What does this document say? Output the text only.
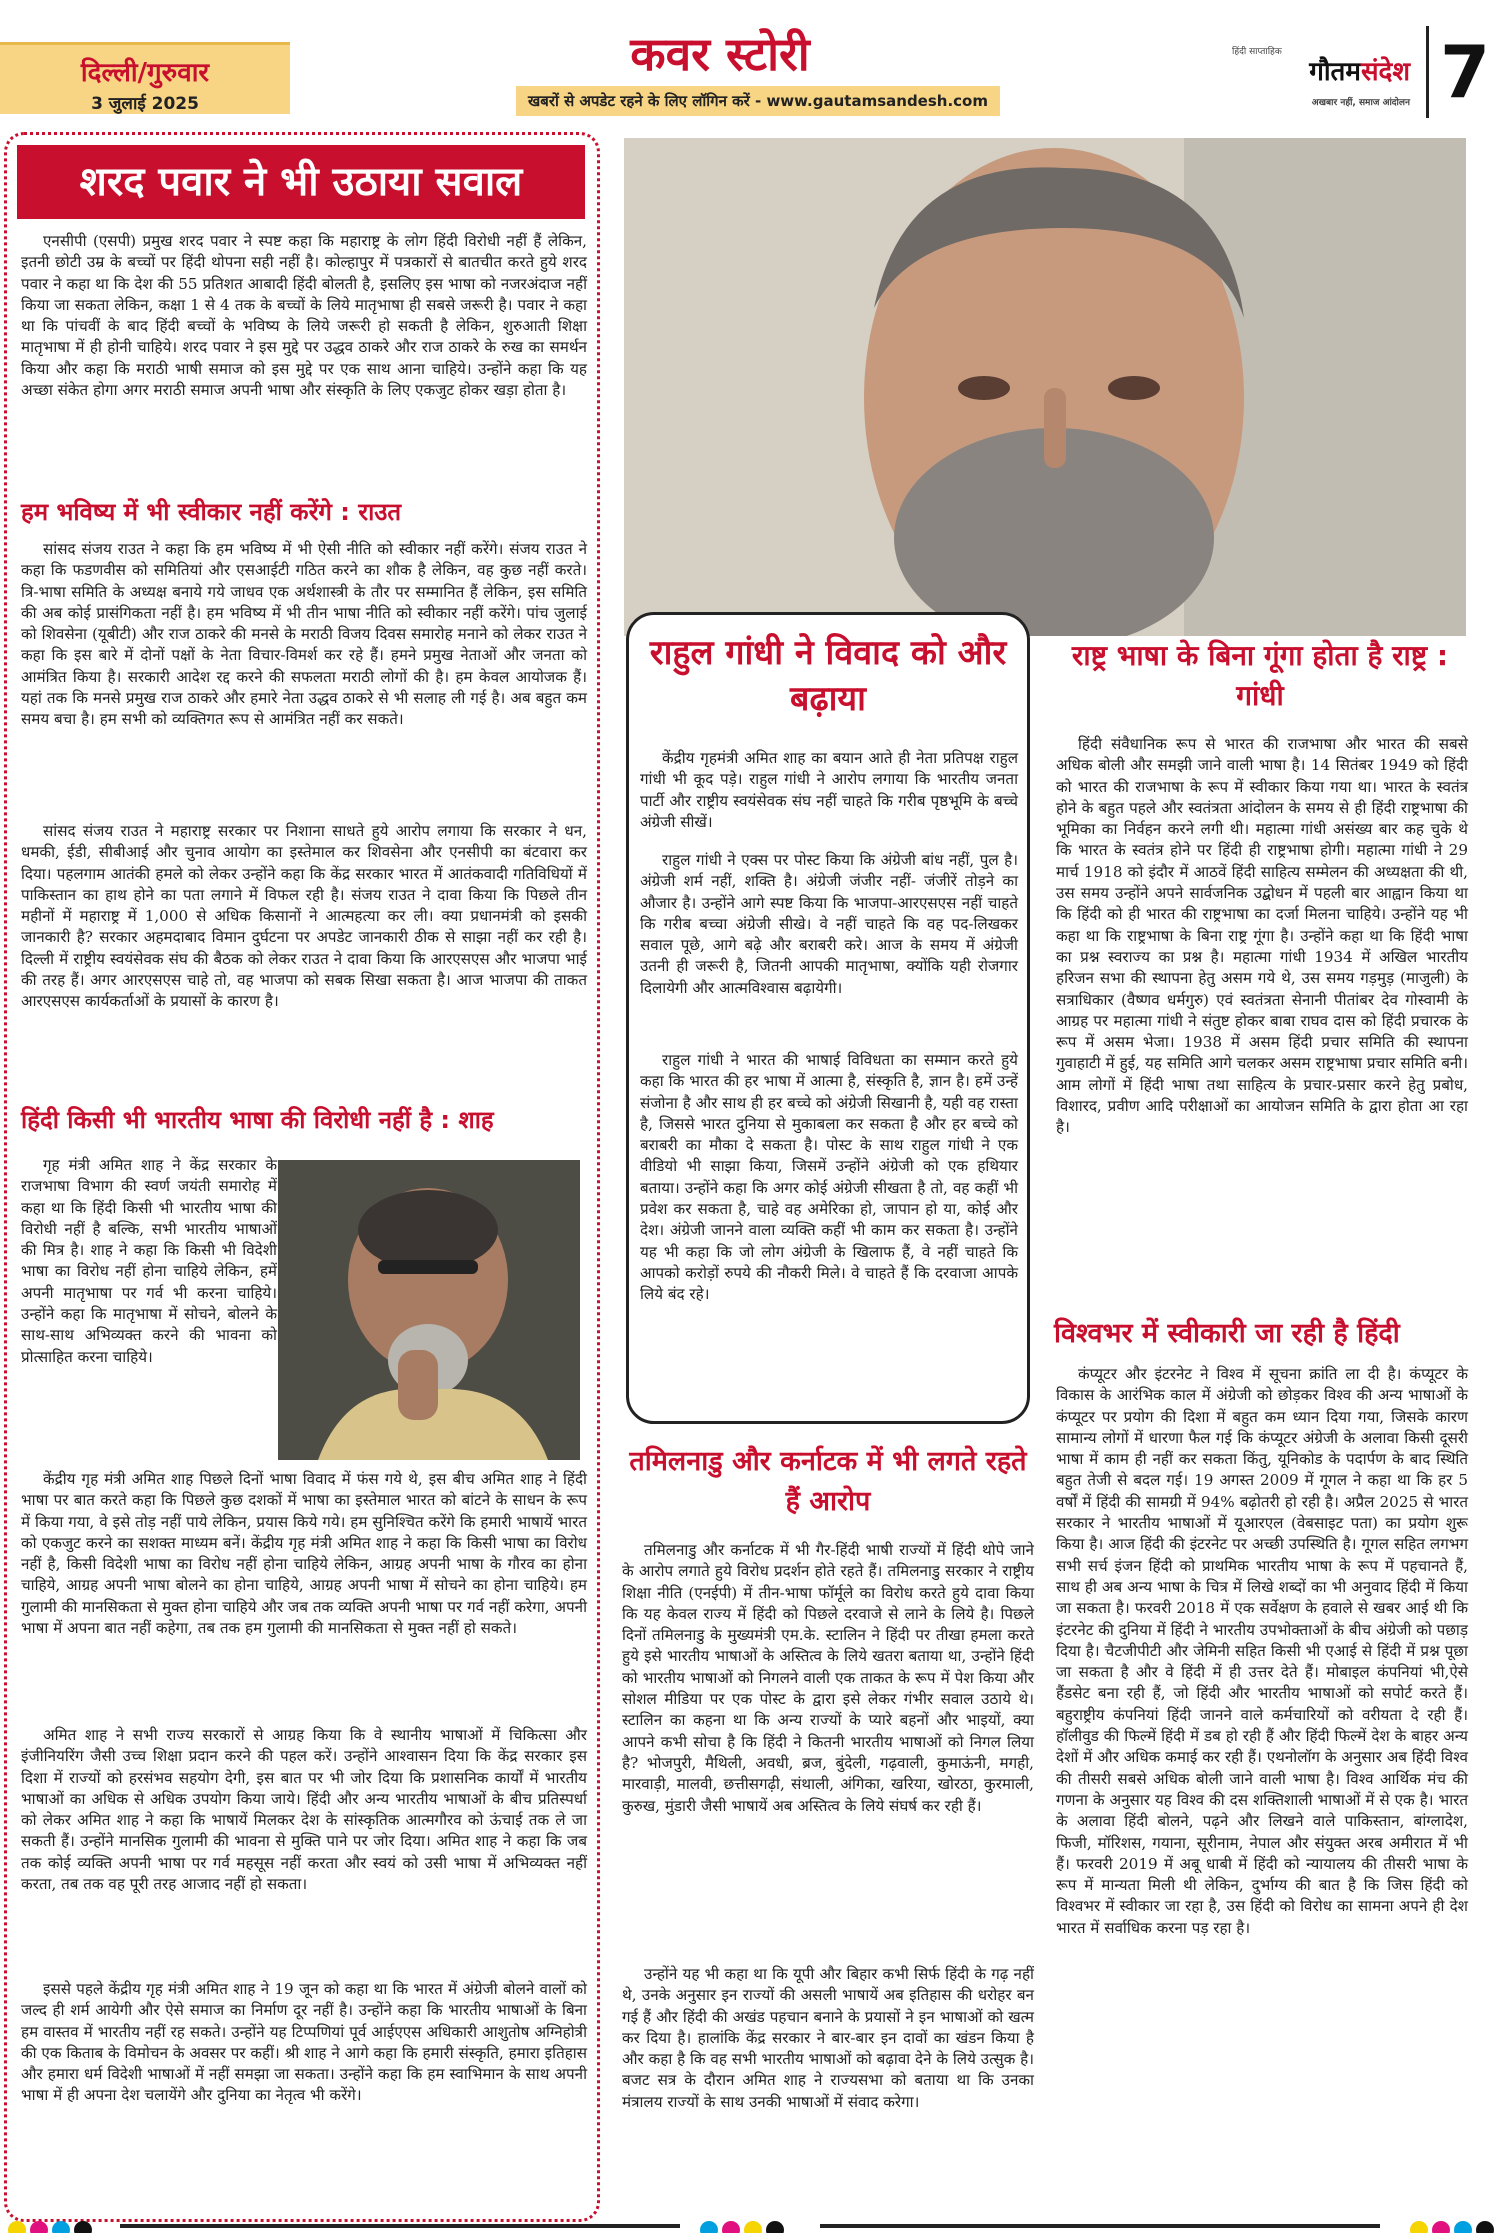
दिल्ली/गुरुवार
3 जुलाई 2025
कवर स्टोरी
खबरों से अपडेट रहने के लिए लॉगिन करें - www.gautamsandesh.com
हिंदी साप्ताहिक
गौतमसंदेश
अखबार नहीं, समाज आंदोलन 7
शरद पवार ने भी उठाया सवाल
एनसीपी (एसपी) प्रमुख शरद पवार ने स्पष्ट कहा कि महाराष्ट्र के लोग हिंदी विरोधी नहीं हैं लेकिन, इतनी छोटी उम्र के बच्चों पर हिंदी थोपना सही नहीं है। कोल्हापुर में पत्रकारों से बातचीत करते हुये शरद पवार ने कहा था कि देश की 55 प्रतिशत आबादी हिंदी बोलती है, इसलिए इस भाषा को नजरअंदाज नहीं किया जा सकता लेकिन, कक्षा 1 से 4 तक के बच्चों के लिये मातृभाषा ही सबसे जरूरी है। पवार ने कहा था कि पांचवीं के बाद हिंदी बच्चों के भविष्य के लिये जरूरी हो सकती है लेकिन, शुरुआती शिक्षा मातृभाषा में ही होनी चाहिये। शरद पवार ने इस मुद्दे पर उद्धव ठाकरे और राज ठाकरे के रुख का समर्थन किया और कहा कि मराठी भाषी समाज को इस मुद्दे पर एक साथ आना चाहिये। उन्होंने कहा कि यह अच्छा संकेत होगा अगर मराठी समाज अपनी भाषा और संस्कृति के लिए एकजुट होकर खड़ा होता है।
हम भविष्य में भी स्वीकार नहीं करेंगे : राउत
सांसद संजय राउत ने कहा कि हम भविष्य में भी ऐसी नीति को स्वीकार नहीं करेंगे। संजय राउत ने कहा कि फडणवीस को समितियां और एसआईटी गठित करने का शौक है लेकिन, वह कुछ नहीं करते। त्रि-भाषा समिति के अध्यक्ष बनाये गये जाधव एक अर्थशास्त्री के तौर पर सम्मानित हैं लेकिन, इस समिति की अब कोई प्रासंगिकता नहीं है। हम भविष्य में भी तीन भाषा नीति को स्वीकार नहीं करेंगे। पांच जुलाई को शिवसेना (यूबीटी) और राज ठाकरे की मनसे के मराठी विजय दिवस समारोह मनाने को लेकर राउत ने कहा कि इस बारे में दोनों पक्षों के नेता विचार-विमर्श कर रहे हैं। हमने प्रमुख नेताओं और जनता को आमंत्रित किया है। सरकारी आदेश रद्द करने की सफलता मराठी लोगों की है। हम केवल आयोजक हैं। यहां तक कि मनसे प्रमुख राज ठाकरे और हमारे नेता उद्धव ठाकरे से भी सलाह ली गई है। अब बहुत कम समय बचा है। हम सभी को व्यक्तिगत रूप से आमंत्रित नहीं कर सकते।
सांसद संजय राउत ने महाराष्ट्र सरकार पर निशाना साधते हुये आरोप लगाया कि सरकार ने धन, धमकी, ईडी, सीबीआई और चुनाव आयोग का इस्तेमाल कर शिवसेना और एनसीपी का बंटवारा कर दिया। पहलगाम आतंकी हमले को लेकर उन्होंने कहा कि केंद्र सरकार भारत में आतंकवादी गतिविधियों में पाकिस्तान का हाथ होने का पता लगाने में विफल रही है। संजय राउत ने दावा किया कि पिछले तीन महीनों में महाराष्ट्र में 1,000 से अधिक किसानों ने आत्महत्या कर ली। क्या प्रधानमंत्री को इसकी जानकारी है? सरकार अहमदाबाद विमान दुर्घटना पर अपडेट जानकारी ठीक से साझा नहीं कर रही है। दिल्ली में राष्ट्रीय स्वयंसेवक संघ की बैठक को लेकर राउत ने दावा किया कि आरएसएस और भाजपा भाई की तरह हैं। अगर आरएसएस चाहे तो, वह भाजपा को सबक सिखा सकता है। आज भाजपा की ताकत आरएसएस कार्यकर्ताओं के प्रयासों के कारण है।
हिंदी किसी भी भारतीय भाषा की विरोधी नहीं है : शाह
गृह मंत्री अमित शाह ने केंद्र सरकार के राजभाषा विभाग की स्वर्ण जयंती समारोह में कहा था कि हिंदी किसी भी भारतीय भाषा की विरोधी नहीं है बल्कि, सभी भारतीय भाषाओं की मित्र है। शाह ने कहा कि किसी भी विदेशी भाषा का विरोध नहीं होना चाहिये लेकिन, हमें अपनी मातृभाषा पर गर्व भी करना चाहिये। उन्होंने कहा कि मातृभाषा में सोचने, बोलने के साथ-साथ अभिव्यक्त करने की भावना को प्रोत्साहित करना चाहिये।
केंद्रीय गृह मंत्री अमित शाह पिछले दिनों भाषा विवाद में फंस गये थे, इस बीच अमित शाह ने हिंदी भाषा पर बात करते कहा कि पिछले कुछ दशकों में भाषा का इस्तेमाल भारत को बांटने के साधन के रूप में किया गया, वे इसे तोड़ नहीं पाये लेकिन, प्रयास किये गये। हम सुनिश्चित करेंगे कि हमारी भाषायें भारत को एकजुट करने का सशक्त माध्यम बनें। केंद्रीय गृह मंत्री अमित शाह ने कहा कि किसी भाषा का विरोध नहीं है, किसी विदेशी भाषा का विरोध नहीं होना चाहिये लेकिन, आग्रह अपनी भाषा के गौरव का होना चाहिये, आग्रह अपनी भाषा बोलने का होना चाहिये, आग्रह अपनी भाषा में सोचने का होना चाहिये। हम गुलामी की मानसिकता से मुक्त होना चाहिये और जब तक व्यक्ति अपनी भाषा पर गर्व नहीं करेगा, अपनी भाषा में अपना बात नहीं कहेगा, तब तक हम गुलामी की मानसिकता से मुक्त नहीं हो सकते।
अमित शाह ने सभी राज्य सरकारों से आग्रह किया कि वे स्थानीय भाषाओं में चिकित्सा और इंजीनियरिंग जैसी उच्च शिक्षा प्रदान करने की पहल करें। उन्होंने आश्वासन दिया कि केंद्र सरकार इस दिशा में राज्यों को हरसंभव सहयोग देगी, इस बात पर भी जोर दिया कि प्रशासनिक कार्यों में भारतीय भाषाओं का अधिक से अधिक उपयोग किया जाये। हिंदी और अन्य भारतीय भाषाओं के बीच प्रतिस्पर्धा को लेकर अमित शाह ने कहा कि भाषायें मिलकर देश के सांस्कृतिक आत्मगौरव को ऊंचाई तक ले जा सकती हैं। उन्होंने मानसिक गुलामी की भावना से मुक्ति पाने पर जोर दिया। अमित शाह ने कहा कि जब तक कोई व्यक्ति अपनी भाषा पर गर्व महसूस नहीं करता और स्वयं को उसी भाषा में अभिव्यक्त नहीं करता, तब तक वह पूरी तरह आजाद नहीं हो सकता।
इससे पहले केंद्रीय गृह मंत्री अमित शाह ने 19 जून को कहा था कि भारत में अंग्रेजी बोलने वालों को जल्द ही शर्म आयेगी और ऐसे समाज का निर्माण दूर नहीं है। उन्होंने कहा कि भारतीय भाषाओं के बिना हम वास्तव में भारतीय नहीं रह सकते। उन्होंने यह टिप्पणियां पूर्व आईएएस अधिकारी आशुतोष अग्निहोत्री की एक किताब के विमोचन के अवसर पर कहीं। श्री शाह ने आगे कहा कि हमारी संस्कृति, हमारा इतिहास और हमारा धर्म विदेशी भाषाओं में नहीं समझा जा सकता। उन्होंने कहा कि हम स्वाभिमान के साथ अपनी भाषा में ही अपना देश चलायेंगे और दुनिया का नेतृत्व भी करेंगे।
राहुल गांधी ने विवाद को और बढ़ाया
केंद्रीय गृहमंत्री अमित शाह का बयान आते ही नेता प्रतिपक्ष राहुल गांधी भी कूद पड़े। राहुल गांधी ने आरोप लगाया कि भारतीय जनता पार्टी और राष्ट्रीय स्वयंसेवक संघ नहीं चाहते कि गरीब पृष्ठभूमि के बच्चे अंग्रेजी सीखें।
राहुल गांधी ने एक्स पर पोस्ट किया कि अंग्रेजी बांध नहीं, पुल है। अंग्रेजी शर्म नहीं, शक्ति है। अंग्रेजी जंजीर नहीं- जंजीरें तोड़ने का औजार है। उन्होंने आगे स्पष्ट किया कि भाजपा-आरएसएस नहीं चाहते कि गरीब बच्चा अंग्रेजी सीखे। वे नहीं चाहते कि वह पद-लिखकर सवाल पूछे, आगे बढ़े और बराबरी करे। आज के समय में अंग्रेजी उतनी ही जरूरी है, जितनी आपकी मातृभाषा, क्योंकि यही रोजगार दिलायेगी और आत्मविश्वास बढ़ायेगी।
राहुल गांधी ने भारत की भाषाई विविधता का सम्मान करते हुये कहा कि भारत की हर भाषा में आत्मा है, संस्कृति है, ज्ञान है। हमें उन्हें संजोना है और साथ ही हर बच्चे को अंग्रेजी सिखानी है, यही वह रास्ता है, जिससे भारत दुनिया से मुकाबला कर सकता है और हर बच्चे को बराबरी का मौका दे सकता है। पोस्ट के साथ राहुल गांधी ने एक वीडियो भी साझा किया, जिसमें उन्होंने अंग्रेजी को एक हथियार बताया। उन्होंने कहा कि अगर कोई अंग्रेजी सीखता है तो, वह कहीं भी प्रवेश कर सकता है, चाहे वह अमेरिका हो, जापान हो या, कोई और देश। अंग्रेजी जानने वाला व्यक्ति कहीं भी काम कर सकता है। उन्होंने यह भी कहा कि जो लोग अंग्रेजी के खिलाफ हैं, वे नहीं चाहते कि आपको करोड़ों रुपये की नौकरी मिले। वे चाहते हैं कि दरवाजा आपके लिये बंद रहे।
तमिलनाडु और कर्नाटक में भी लगते रहते हैं आरोप
तमिलनाडु और कर्नाटक में भी गैर-हिंदी भाषी राज्यों में हिंदी थोपे जाने के आरोप लगाते हुये विरोध प्रदर्शन होते रहते हैं। तमिलनाडु सरकार ने राष्ट्रीय शिक्षा नीति (एनईपी) में तीन-भाषा फॉर्मूले का विरोध करते हुये दावा किया कि यह केवल राज्य में हिंदी को पिछले दरवाजे से लाने के लिये है। पिछले दिनों तमिलनाडु के मुख्यमंत्री एम.के. स्टालिन ने हिंदी पर तीखा हमला करते हुये इसे भारतीय भाषाओं के अस्तित्व के लिये खतरा बताया था, उन्होंने हिंदी को भारतीय भाषाओं को निगलने वाली एक ताकत के रूप में पेश किया और सोशल मीडिया पर एक पोस्ट के द्वारा इसे लेकर गंभीर सवाल उठाये थे। स्टालिन का कहना था कि अन्य राज्यों के प्यारे बहनों और भाइयों, क्या आपने कभी सोचा है कि हिंदी ने कितनी भारतीय भाषाओं को निगल लिया है? भोजपुरी, मैथिली, अवधी, ब्रज, बुंदेली, गढ़वाली, कुमाऊंनी, मगही, मारवाड़ी, मालवी, छत्तीसगढ़ी, संथाली, अंगिका, खरिया, खोरठा, कुरमाली, कुरुख, मुंडारी जैसी भाषायें अब अस्तित्व के लिये संघर्ष कर रही हैं।
उन्होंने यह भी कहा था कि यूपी और बिहार कभी सिर्फ हिंदी के गढ़ नहीं थे, उनके अनुसार इन राज्यों की असली भाषायें अब इतिहास की धरोहर बन गई हैं और हिंदी की अखंड पहचान बनाने के प्रयासों ने इन भाषाओं को खत्म कर दिया है। हालांकि केंद्र सरकार ने बार-बार इन दावों का खंडन किया है और कहा है कि वह सभी भारतीय भाषाओं को बढ़ावा देने के लिये उत्सुक है। बजट सत्र के दौरान अमित शाह ने राज्यसभा को बताया था कि उनका मंत्रालय राज्यों के साथ उनकी भाषाओं में संवाद करेगा।
राष्ट्र भाषा के बिना गूंगा होता है राष्ट्र : गांधी
हिंदी संवैधानिक रूप से भारत की राजभाषा और भारत की सबसे अधिक बोली और समझी जाने वाली भाषा है। 14 सितंबर 1949 को हिंदी को भारत की राजभाषा के रूप में स्वीकार किया गया था। भारत के स्वतंत्र होने के बहुत पहले और स्वतंत्रता आंदोलन के समय से ही हिंदी राष्ट्रभाषा की भूमिका का निर्वहन करने लगी थी। महात्मा गांधी असंख्य बार कह चुके थे कि भारत के स्वतंत्र होने पर हिंदी ही राष्ट्रभाषा होगी। महात्मा गांधी ने 29 मार्च 1918 को इंदौर में आठवें हिंदी साहित्य सम्मेलन की अध्यक्षता की थी, उस समय उन्होंने अपने सार्वजनिक उद्बोधन में पहली बार आह्वान किया था कि हिंदी को ही भारत की राष्ट्रभाषा का दर्जा मिलना चाहिये। उन्होंने यह भी कहा था कि राष्ट्रभाषा के बिना राष्ट्र गूंगा है। उन्होंने कहा था कि हिंदी भाषा का प्रश्न स्वराज्य का प्रश्न है। महात्मा गांधी 1934 में अखिल भारतीय हरिजन सभा की स्थापना हेतु असम गये थे, उस समय गड़मुड़ (माजुली) के सत्राधिकार (वैष्णव धर्मगुरु) एवं स्वतंत्रता सेनानी पीतांबर देव गोस्वामी के आग्रह पर महात्मा गांधी ने संतुष्ट होकर बाबा राघव दास को हिंदी प्रचारक के रूप में असम भेजा। 1938 में असम हिंदी प्रचार समिति की स्थापना गुवाहाटी में हुई, यह समिति आगे चलकर असम राष्ट्रभाषा प्रचार समिति बनी। आम लोगों में हिंदी भाषा तथा साहित्य के प्रचार-प्रसार करने हेतु प्रबोध, विशारद, प्रवीण आदि परीक्षाओं का आयोजन समिति के द्वारा होता आ रहा है।
विश्वभर में स्वीकारी जा रही है हिंदी
कंप्यूटर और इंटरनेट ने विश्व में सूचना क्रांति ला दी है। कंप्यूटर के विकास के आरंभिक काल में अंग्रेजी को छोड़कर विश्व की अन्य भाषाओं के कंप्यूटर पर प्रयोग की दिशा में बहुत कम ध्यान दिया गया, जिसके कारण सामान्य लोगों में धारणा फैल गई कि कंप्यूटर अंग्रेजी के अलावा किसी दूसरी भाषा में काम ही नहीं कर सकता किंतु, यूनिकोड के पदार्पण के बाद स्थिति बहुत तेजी से बदल गई। 19 अगस्त 2009 में गूगल ने कहा था कि हर 5 वर्षों में हिंदी की सामग्री में 94% बढ़ोतरी हो रही है। अप्रैल 2025 से भारत सरकार ने भारतीय भाषाओं में यूआरएल (वेबसाइट पता) का प्रयोग शुरू किया है। आज हिंदी की इंटरनेट पर अच्छी उपस्थिति है। गूगल सहित लगभग सभी सर्च इंजन हिंदी को प्राथमिक भारतीय भाषा के रूप में पहचानते हैं, साथ ही अब अन्य भाषा के चित्र में लिखे शब्दों का भी अनुवाद हिंदी में किया जा सकता है। फरवरी 2018 में एक सर्वेक्षण के हवाले से खबर आई थी कि इंटरनेट की दुनिया में हिंदी ने भारतीय उपभोक्ताओं के बीच अंग्रेजी को पछाड़ दिया है। चैटजीपीटी और जेमिनी सहित किसी भी एआई से हिंदी में प्रश्न पूछा जा सकता है और वे हिंदी में ही उत्तर देते हैं। मोबाइल कंपनियां भी,ऐसे हैंडसेट बना रही हैं, जो हिंदी और भारतीय भाषाओं को सपोर्ट करते हैं। बहुराष्ट्रीय कंपनियां हिंदी जानने वाले कर्मचारियों को वरीयता दे रही हैं। हॉलीवुड की फिल्में हिंदी में डब हो रही हैं और हिंदी फिल्में देश के बाहर अन्य देशों में और अधिक कमाई कर रही हैं। एथनोलॉग के अनुसार अब हिंदी विश्व की तीसरी सबसे अधिक बोली जाने वाली भाषा है। विश्व आर्थिक मंच की गणना के अनुसार यह विश्व की दस शक्तिशाली भाषाओं में से एक है। भारत के अलावा हिंदी बोलने, पढ़ने और लिखने वाले पाकिस्तान, बांग्लादेश, फिजी, मॉरिशस, गयाना, सूरीनाम, नेपाल और संयुक्त अरब अमीरात में भी हैं। फरवरी 2019 में अबू धाबी में हिंदी को न्यायालय की तीसरी भाषा के रूप में मान्यता मिली थी लेकिन, दुर्भाग्य की बात है कि जिस हिंदी को विश्वभर में स्वीकार जा रहा है, उस हिंदी को विरोध का सामना अपने ही देश भारत में सर्वाधिक करना पड़ रहा है।
